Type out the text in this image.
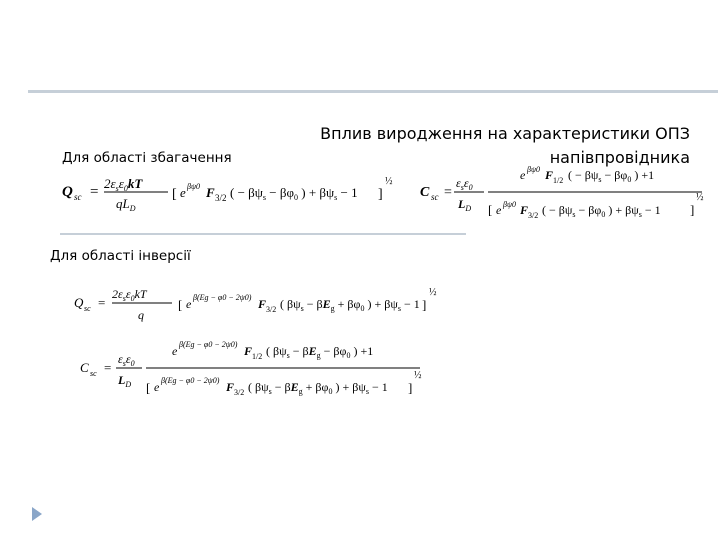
Вплив виродження на характеристики ОПЗ
напівпровідника
Для області збагачення
Для області інверсії
Q sc =
$2\varepsilon_s\varepsilon_0kT$
$qL_D$
[ e βψ0 F 3/2 ( − $\beta\psi_s - \beta\varphi_0$ ) + $\beta\psi_s - 1$ ]
½
C sc =
$\varepsilon_s\varepsilon_0$
$L_D$
e βψ0 F 1/2 ( − $\beta\psi_s - \beta\varphi_0$ ) +1
[ e βψ0 F 3/2 ( − $\beta\psi_s - \beta\varphi_0$ ) + $\beta\psi_s - 1$ ]
½
Q sc =
$2\varepsilon_s\varepsilon_0kT$
q
[ e β(Eg − φ0 − 2ψ0) F 3/2 ( $\beta\psi_s - \beta E_g + \beta\varphi_0$ ) + $\beta\psi_s - 1$ ]
½
C sc =
$\varepsilon_s\varepsilon_0$
$L_D$
e β(Eg − φ0 − 2ψ0) F 1/2 ( $\beta\psi_s - \beta E_g - \beta\varphi_0$ ) +1
[ e β(Eg − φ0 − 2ψ0) F 3/2 ( $\beta\psi_s - \beta E_g + \beta\varphi_0$ ) + $\beta\psi_s - 1$ ]
½
